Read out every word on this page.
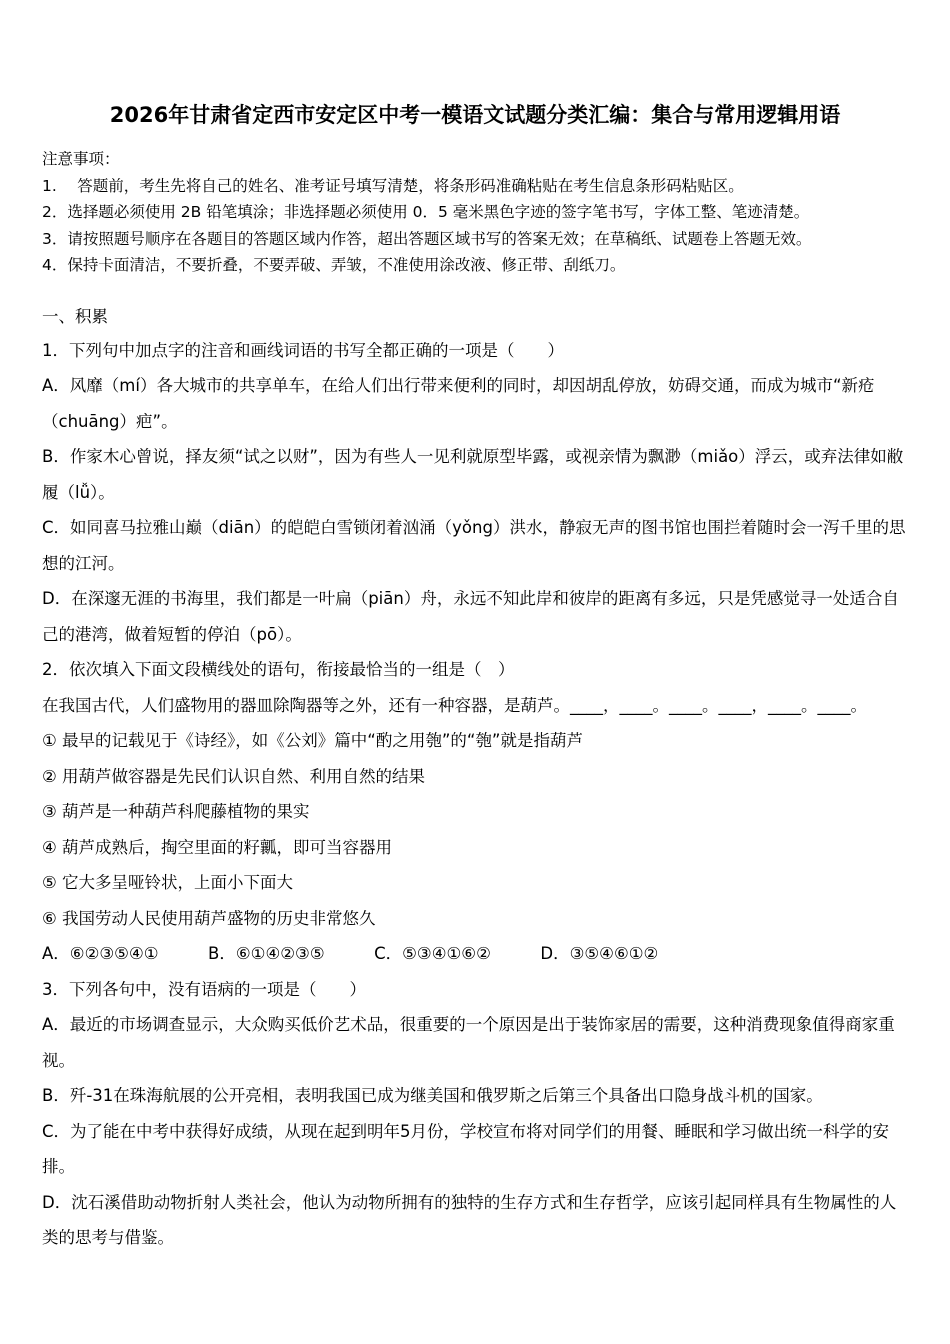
2026年甘肃省定西市安定区中考一模语文试题分类汇编：集合与常用逻辑用语

注意事项：

1.　 答题前，考生先将自己的姓名、准考证号填写清楚，将条形码准确粘贴在考生信息条形码粘贴区。

2．选择题必须使用 2B 铅笔填涂；非选择题必须使用 0．5 毫米黑色字迹的签字笔书写，字体工整、笔迹清楚。

3．请按照题号顺序在各题目的答题区域内作答，超出答题区域书写的答案无效；在草稿纸、试题卷上答题无效。

4．保持卡面清洁，不要折叠，不要弄破、弄皱，不准使用涂改液、修正带、刮纸刀。

一、积累

1．下列句中加点字的注音和画线词语的书写全都正确的一项是（　　）

A．风靡（mí）各大城市的共享单车，在给人们出行带来便利的同时，却因胡乱停放，妨碍交通，而成为城市“新疮（chuāng）疤”。

B．作家木心曾说，择友须“试之以财”，因为有些人一见利就原型毕露，或视亲情为飘渺（miǎo）浮云，或弃法律如敝履（lǚ）。

C．如同喜马拉雅山巅（diān）的皑皑白雪锁闭着汹涌（yǒng）洪水，静寂无声的图书馆也围拦着随时会一泻千里的思想的江河。

D．在深邃无涯的书海里，我们都是一叶扁（piān）舟，永远不知此岸和彼岸的距离有多远，只是凭感觉寻一处适合自己的港湾，做着短暂的停泊（pō）。

2．依次填入下面文段横线处的语句，衔接最恰当的一组是（　）

在我国古代，人们盛物用的器皿除陶器等之外，还有一种容器，是葫芦。____，____。____。____，____。____。

① 最早的记载见于《诗经》，如《公刘》篇中“酌之用匏”的“匏”就是指葫芦

② 用葫芦做容器是先民们认识自然、利用自然的结果

③ 葫芦是一种葫芦科爬藤植物的果实

④ 葫芦成熟后，掏空里面的籽瓤，即可当容器用

⑤ 它大多呈哑铃状，上面小下面大

⑥ 我国劳动人民使用葫芦盛物的历史非常悠久

A．⑥②③⑤④①　　　B．⑥①④②③⑤　　　C．⑤③④①⑥②　　　D．③⑤④⑥①②

3．下列各句中，没有语病的一项是（　　）

A．最近的市场调查显示，大众购买低价艺术品，很重要的一个原因是出于装饰家居的需要，这种消费现象值得商家重视。

B．歼-31在珠海航展的公开亮相，表明我国已成为继美国和俄罗斯之后第三个具备出口隐身战斗机的国家。

C．为了能在中考中获得好成绩，从现在起到明年5月份，学校宣布将对同学们的用餐、睡眠和学习做出统一科学的安排。

D．沈石溪借助动物折射人类社会，他认为动物所拥有的独特的生存方式和生存哲学，应该引起同样具有生物属性的人类的思考与借鉴。
